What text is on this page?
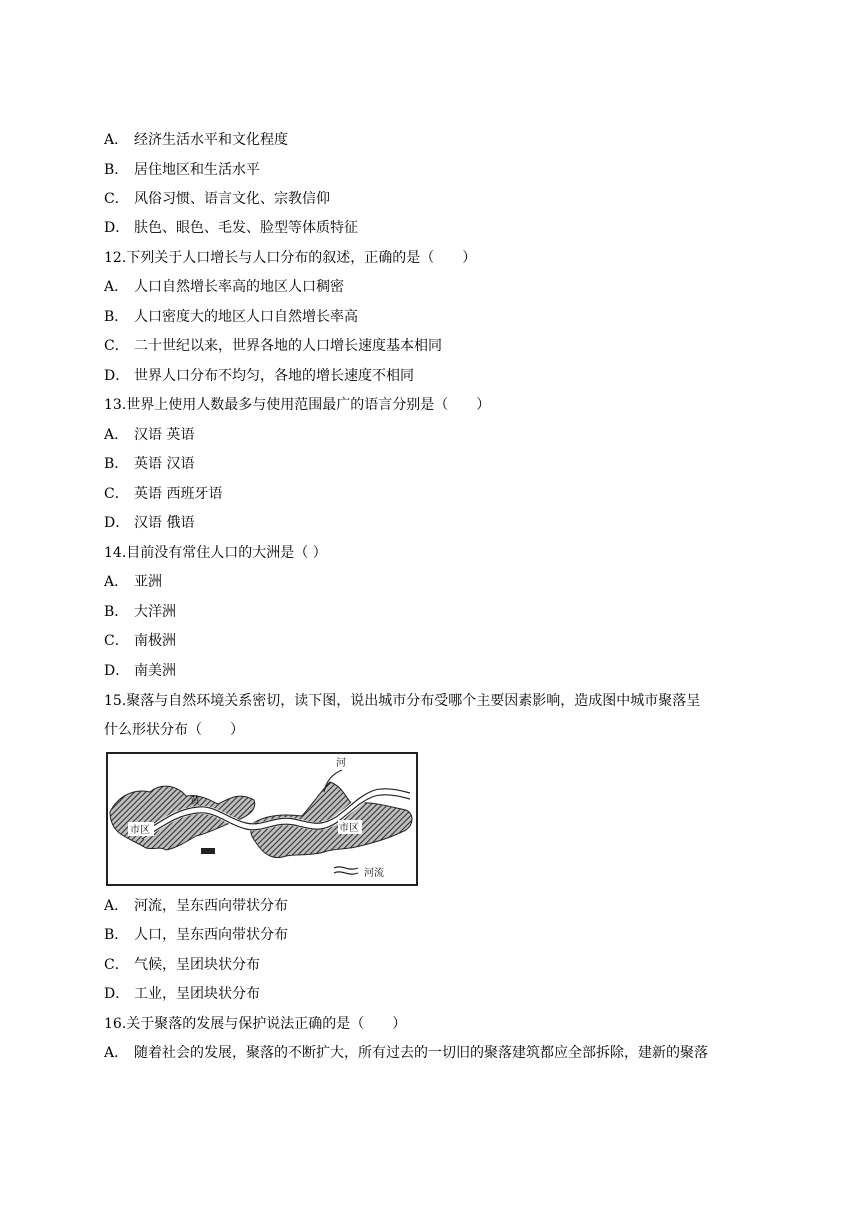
A． 经济生活水平和文化程度
B． 居住地区和生活水平
C． 风俗习惯、语言文化、宗教信仰
D． 肤色、眼色、毛发、脸型等体质特征
12.下列关于人口增长与人口分布的叙述，正确的是（　　）
A． 人口自然增长率高的地区人口稠密
B． 人口密度大的地区人口自然增长率高
C． 二十世纪以来，世界各地的人口增长速度基本相同
D． 世界人口分布不均匀，各地的增长速度不相同
13.世界上使用人数最多与使用范围最广的语言分别是（　　）
A． 汉语 英语
B． 英语 汉语
C． 英语 西班牙语
D． 汉语 俄语
14.目前没有常住人口的大洲是（ ）
A． 亚洲
B． 大洋洲
C． 南极洲
D． 南美洲
15.聚落与自然环境关系密切，读下图，说出城市分布受哪个主要因素影响，造成图中城市聚落呈
什么形状分布（　　）
市区	市区
黄
河
河流
A． 河流，呈东西向带状分布
B． 人口，呈东西向带状分布
C． 气候，呈团块状分布
D． 工业，呈团块状分布
16.关于聚落的发展与保护说法正确的是（　　）
A． 随着社会的发展，聚落的不断扩大，所有过去的一切旧的聚落建筑都应全部拆除，建新的聚落
